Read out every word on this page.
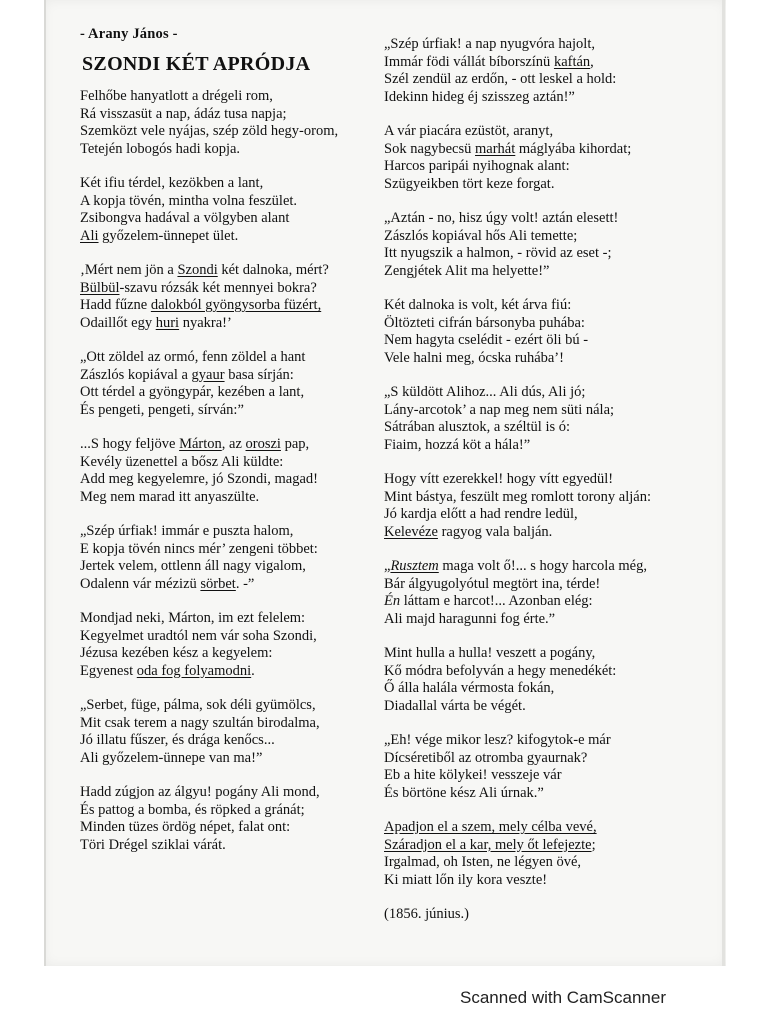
- Arany János -
SZONDI KÉT APRÓDJA
Felhőbe hanyatlott a drégeli rom,
Rá visszasüt a nap, ádáz tusa napja;
Szemközt vele nyájas, szép zöld hegy-orom,
Tetején lobogós hadi kopja.
Két ifiu térdel, kezökben a lant,
A kopja tövén, mintha volna feszület.
Zsibongva hadával a völgyben alant
Ali győzelem-ünnepet ület.
‚Mért nem jön a Szondi két dalnoka, mért?
Bülbül-szavu rózsák két mennyei bokra?
Hadd fűzne dalokból gyöngysorba füzért,
Odaillőt egy huri nyakra!’
„Ott zöldel az ormó, fenn zöldel a hant
Zászlós kopiával a gyaur basa sírján:
Ott térdel a gyöngypár, kezében a lant,
És pengeti, pengeti, sírván:”
...S hogy feljöve Márton, az oroszi pap,
Kevély üzenettel a bősz Ali küldte:
Add meg kegyelemre, jó Szondi, magad!
Meg nem marad itt anyaszülte.
„Szép úrfiak! immár e puszta halom,
E kopja tövén nincs mér’ zengeni többet:
Jertek velem, ottlenn áll nagy vigalom,
Odalenn vár mézizü sörbet. -”
Mondjad neki, Márton, im ezt felelem:
Kegyelmet uradtól nem vár soha Szondi,
Jézusa kezében kész a kegyelem:
Egyenest oda fog folyamodni.
„Serbet, füge, pálma, sok déli gyümölcs,
Mit csak terem a nagy szultán birodalma,
Jó illatu fűszer, és drága kenőcs...
Ali győzelem-ünnepe van ma!”
Hadd zúgjon az álgyu! pogány Ali mond,
És pattog a bomba, és röpked a gránát;
Minden tüzes ördög népet, falat ont:
Töri Drégel sziklai várát.
„Szép úrfiak! a nap nyugvóra hajolt,
Immár födi vállát bíborszínü kaftán,
Szél zendül az erdőn, - ott leskel a hold:
Idekinn hideg éj szisszeg aztán!”
A vár piacára ezüstöt, aranyt,
Sok nagybecsü marhát máglyába kihordat;
Harcos paripái nyihognak alant:
Szügyeikben tört keze forgat.
„Aztán - no, hisz úgy volt! aztán elesett!
Zászlós kopiával hős Ali temette;
Itt nyugszik a halmon, - rövid az eset -;
Zengjétek Alit ma helyette!”
Két dalnoka is volt, két árva fiú:
Öltözteti cifrán bársonyba puhába:
Nem hagyta cselédit - ezért öli bú -
Vele halni meg, ócska ruhába’!
„S küldött Alihoz... Ali dús, Ali jó;
Lány-arcotok’ a nap meg nem süti nála;
Sátrában alusztok, a széltül is ó:
Fiaim, hozzá köt a hála!”
Hogy vítt ezerekkel! hogy vítt egyedül!
Mint bástya, feszült meg romlott torony alján:
Jó kardja előtt a had rendre ledül,
Kelevéze ragyog vala balján.
„Rusztem maga volt ő!... s hogy harcola még,
Bár álgyugolyótul megtört ina, térde!
Én láttam e harcot!... Azonban elég:
Ali majd haragunni fog érte.”
Mint hulla a hulla! veszett a pogány,
Kő módra befolyván a hegy menedékét:
Ő álla halála vérmosta fokán,
Diadallal várta be végét.
„Eh! vége mikor lesz? kifogytok-e már
Dícséretiből az otromba gyaurnak?
Eb a hite kölykei! vesszeje vár
És börtöne kész Ali úrnak.”
Apadjon el a szem, mely célba vevé,
Száradjon el a kar, mely őt lefejezte;
Irgalmad, oh Isten, ne légyen övé,
Ki miatt lőn ily kora veszte!
(1856. június.)
Scanned with CamScanner
